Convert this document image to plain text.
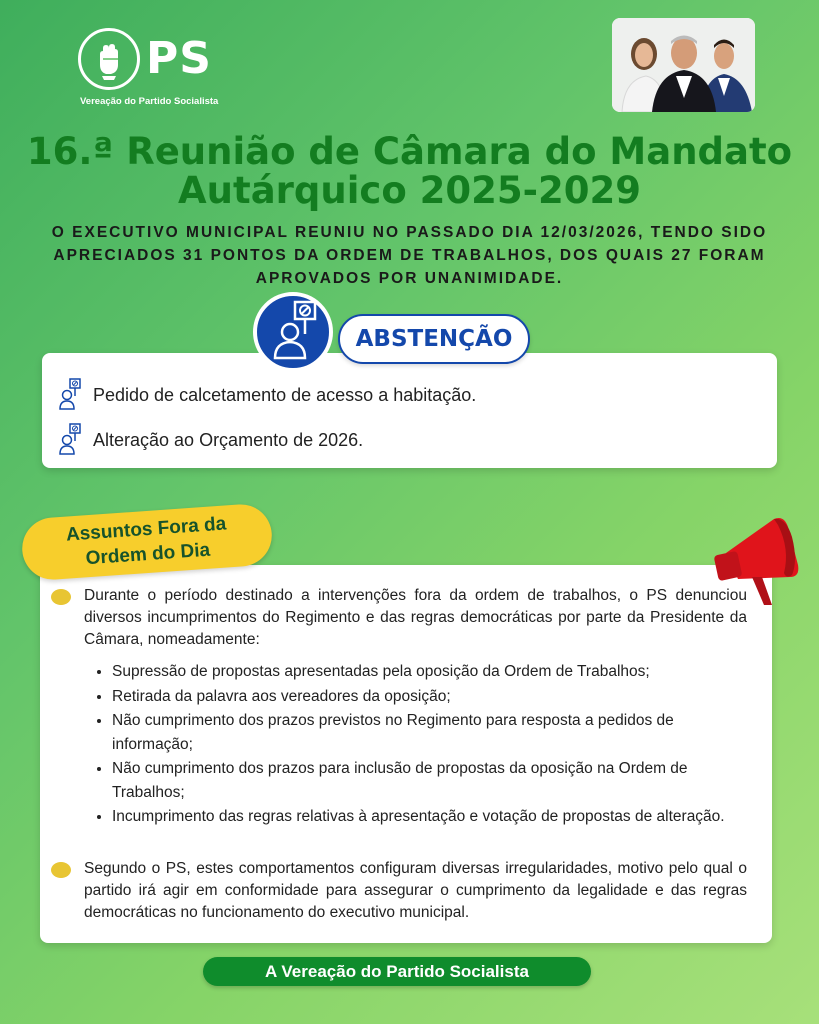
PS
Vereação do Partido Socialista
16.ª Reunião de Câmara do Mandato Autárquico 2025-2029
O EXECUTIVO MUNICIPAL REUNIU NO PASSADO DIA 12/03/2026, TENDO SIDO APRECIADOS 31 PONTOS DA ORDEM DE TRABALHOS, DOS QUAIS 27 FORAM APROVADOS POR UNANIMIDADE.
ABSTENÇÃO
Pedido de calcetamento de acesso a habitação.
Alteração ao Orçamento de 2026.
Assuntos Fora da
Ordem do Dia
Durante o período destinado a intervenções fora da ordem de trabalhos, o PS denunciou diversos incumprimentos do Regimento e das regras democráticas por parte da Presidente da Câmara, nomeadamente:
• Supressão de propostas apresentadas pela oposição da Ordem de Trabalhos;
• Retirada da palavra aos vereadores da oposição;
• Não cumprimento dos prazos previstos no Regimento para resposta a pedidos de informação;
• Não cumprimento dos prazos para inclusão de propostas da oposição na Ordem de Trabalhos;
• Incumprimento das regras relativas à apresentação e votação de propostas de alteração.
Segundo o PS, estes comportamentos configuram diversas irregularidades, motivo pelo qual o partido irá agir em conformidade para assegurar o cumprimento da legalidade e das regras democráticas no funcionamento do executivo municipal.
A Vereação do Partido Socialista
